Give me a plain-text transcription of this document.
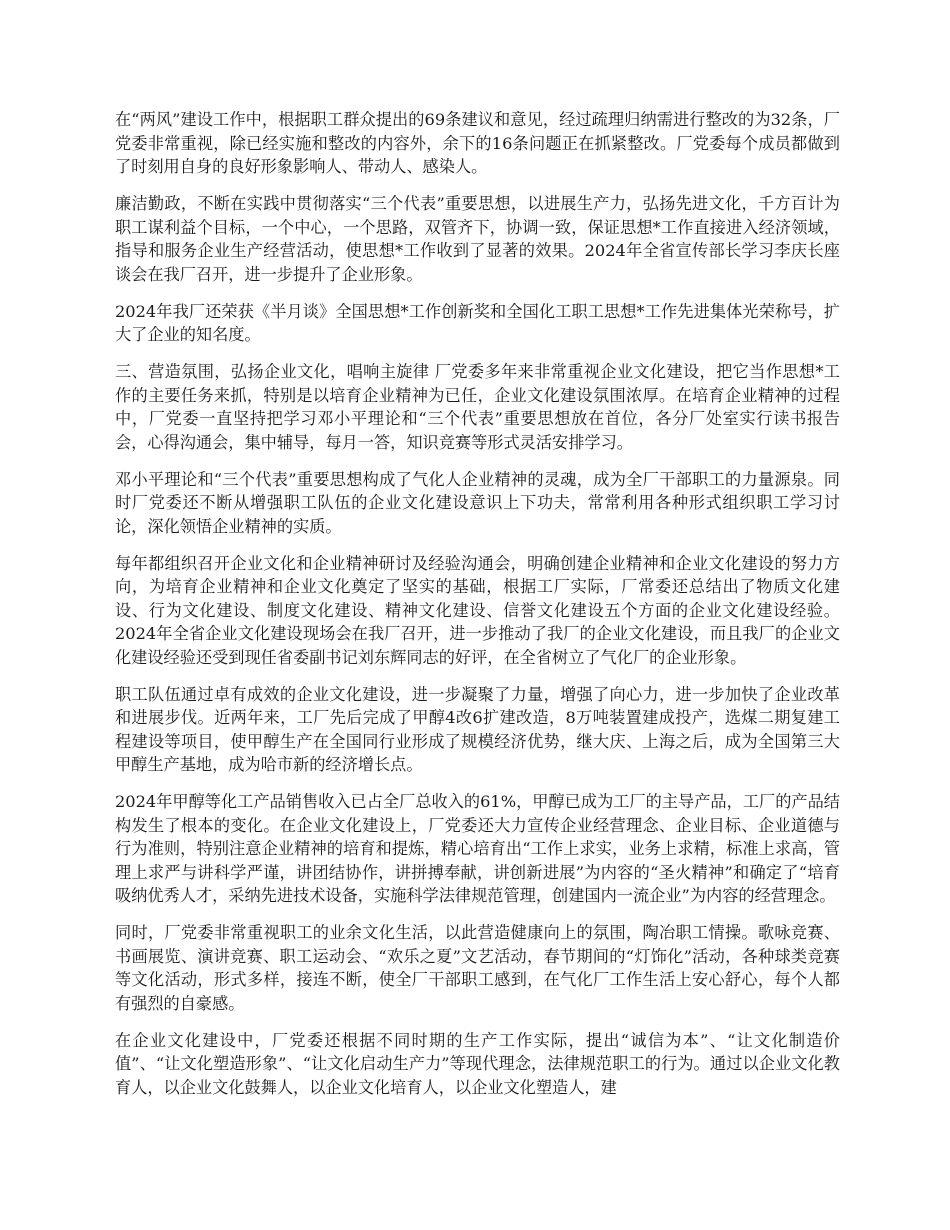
在“两风”建设工作中，根据职工群众提出的69条建议和意见，经过疏理归纳需进行整改的为32条，厂党委非常重视，除已经实施和整改的内容外，余下的16条问题正在抓紧整改。厂党委每个成员都做到了时刻用自身的良好形象影响人、带动人、感染人。

廉洁勤政，不断在实践中贯彻落实“三个代表”重要思想，以进展生产力，弘扬先进文化，千方百计为职工谋利益个目标，一个中心，一个思路，双管齐下，协调一致，保证思想*工作直接进入经济领域，指导和服务企业生产经营活动，使思想*工作收到了显著的效果。2024年全省宣传部长学习李庆长座谈会在我厂召开，进一步提升了企业形象。

2024年我厂还荣获《半月谈》全国思想*工作创新奖和全国化工职工思想*工作先进集体光荣称号，扩大了企业的知名度。

三、营造氛围，弘扬企业文化，唱响主旋律 厂党委多年来非常重视企业文化建设，把它当作思想*工作的主要任务来抓，特别是以培育企业精神为已任，企业文化建设氛围浓厚。在培育企业精神的过程中，厂党委一直坚持把学习邓小平理论和“三个代表”重要思想放在首位，各分厂处室实行读书报告会，心得沟通会，集中辅导，每月一答，知识竞赛等形式灵活安排学习。

邓小平理论和“三个代表”重要思想构成了气化人企业精神的灵魂，成为全厂干部职工的力量源泉。同时厂党委还不断从增强职工队伍的企业文化建设意识上下功夫，常常利用各种形式组织职工学习讨论，深化领悟企业精神的实质。

每年都组织召开企业文化和企业精神研讨及经验沟通会，明确创建企业精神和企业文化建设的努力方向，为培育企业精神和企业文化奠定了坚实的基础，根据工厂实际，厂常委还总结出了物质文化建设、行为文化建设、制度文化建设、精神文化建设、信誉文化建设五个方面的企业文化建设经验。2024年全省企业文化建设现场会在我厂召开，进一步推动了我厂的企业文化建设，而且我厂的企业文化建设经验还受到现任省委副书记刘东辉同志的好评，在全省树立了气化厂的企业形象。

职工队伍通过卓有成效的企业文化建设，进一步凝聚了力量，增强了向心力，进一步加快了企业改革和进展步伐。近两年来，工厂先后完成了甲醇4改6扩建改造，8万吨装置建成投产，选煤二期复建工程建设等项目，使甲醇生产在全国同行业形成了规模经济优势，继大庆、上海之后，成为全国第三大甲醇生产基地，成为哈市新的经济增长点。

2024年甲醇等化工产品销售收入已占全厂总收入的61%，甲醇已成为工厂的主导产品，工厂的产品结构发生了根本的变化。在企业文化建设上，厂党委还大力宣传企业经营理念、企业目标、企业道德与行为准则，特别注意企业精神的培育和提炼，精心培育出“工作上求实，业务上求精，标准上求高，管理上求严与讲科学严谨，讲团结协作，讲拼搏奉献，讲创新进展”为内容的“圣火精神”和确定了“培育吸纳优秀人才，采纳先进技术设备，实施科学法律规范管理，创建国内一流企业”为内容的经营理念。

同时，厂党委非常重视职工的业余文化生活，以此营造健康向上的氛围，陶冶职工情操。歌咏竞赛、书画展览、演讲竞赛、职工运动会、“欢乐之夏”文艺活动，春节期间的“灯饰化”活动，各种球类竞赛等文化活动，形式多样，接连不断，使全厂干部职工感到，在气化厂工作生活上安心舒心，每个人都有强烈的自豪感。

在企业文化建设中，厂党委还根据不同时期的生产工作实际，提出“诚信为本”、“让文化制造价值”、“让文化塑造形象”、“让文化启动生产力”等现代理念，法律规范职工的行为。通过以企业文化教育人，以企业文化鼓舞人，以企业文化培育人，以企业文化塑造人，建
